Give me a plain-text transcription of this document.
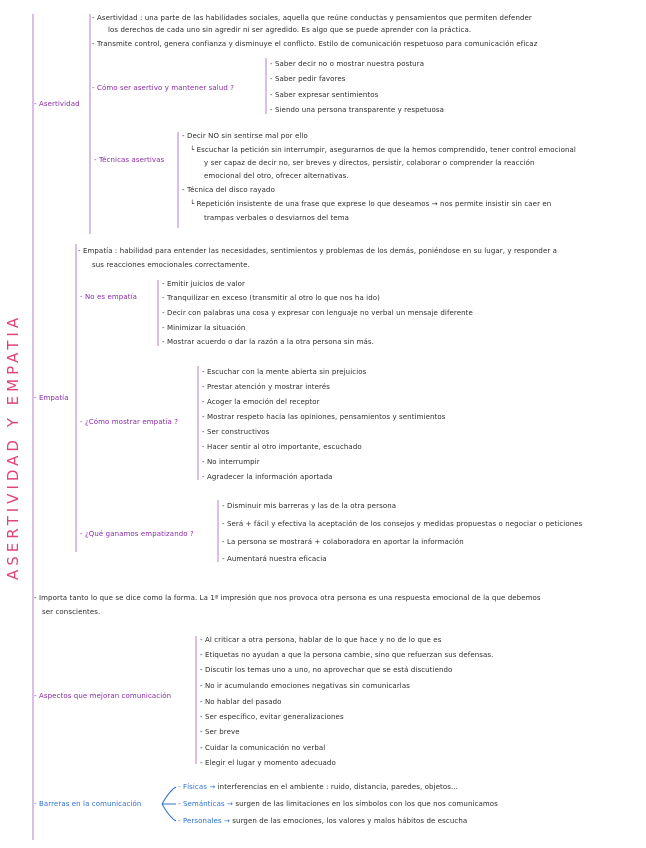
ASERTIVIDAD Y EMPATIA
- Asertividad
- Asertividad : una parte de las habilidades sociales, aquella que reúne conductas y pensamientos que permiten defender
los derechos de cada uno sin agredir ni ser agredido. Es algo que se puede aprender con la práctica.
- Transmite control, genera confianza y disminuye el conflicto. Estilo de comunicación respetuoso para comunicación eficaz
- Cómo ser asertivo y mantener salud ?
- Saber decir no o mostrar nuestra postura
- Saber pedir favores
- Saber expresar sentimientos
- Siendo una persona transparente y respetuosa
- Técnicas asertivas
- Decir NO sin sentirse mal por ello
└ Escuchar la petición sin interrumpir, asegurarnos de que la hemos comprendido, tener control emocional
y ser capaz de decir no, ser breves y directos, persistir, colaborar o comprender la reacción
emocional del otro, ofrecer alternativas.
- Técnica del disco rayado
└ Repetición insistente de una frase que exprese lo que deseamos → nos permite insistir sin caer en
trampas verbales o desviarnos del tema
- Empatía
- Empatía : habilidad para entender las necesidades, sentimientos y problemas de los demás, poniéndose en su lugar, y responder a
sus reacciones emocionales correctamente.
- No es empatía
- Emitir juicios de valor
- Tranquilizar en exceso (transmitir al otro lo que nos ha ido)
- Decir con palabras una cosa y expresar con lenguaje no verbal un mensaje diferente
- Minimizar la situación
- Mostrar acuerdo o dar la razón a la otra persona sin más.
- ¿Cómo mostrar empatía ?
- Escuchar con la mente abierta sin prejuicios
- Prestar atención y mostrar interés
- Acoger la emoción del receptor
- Mostrar respeto hacia las opiniones, pensamientos y sentimientos
- Ser constructivos
- Hacer sentir al otro importante, escuchado
- No interrumpir
- Agradecer la información aportada
- ¿Qué ganamos empatizando ?
- Disminuir mis barreras y las de la otra persona
- Será + fácil y efectiva la aceptación de los consejos y medidas propuestas o negociar o peticiones
- La persona se mostrará + colaboradora en aportar la información
- Aumentará nuestra eficacia
- Importa tanto lo que se dice como la forma. La 1ª impresión que nos provoca otra persona es una respuesta emocional de la que debemos
ser conscientes.
- Aspectos que mejoran comunicación
- Al criticar a otra persona, hablar de lo que hace y no de lo que es
- Etiquetas no ayudan a que la persona cambie, sino que refuerzan sus defensas.
- Discutir los temas uno a uno, no aprovechar que se está discutiendo
- No ir acumulando emociones negativas sin comunicarlas
- No hablar del pasado
- Ser específico, evitar generalizaciones
- Ser breve
- Cuidar la comunicación no verbal
- Elegir el lugar y momento adecuado
- Barreras en la comunicación
- Físicas → interferencias en el ambiente : ruido, distancia, paredes, objetos...
- Semánticas → surgen de las limitaciones en los símbolos con los que nos comunicamos
- Personales → surgen de las emociones, los valores y malos hábitos de escucha
